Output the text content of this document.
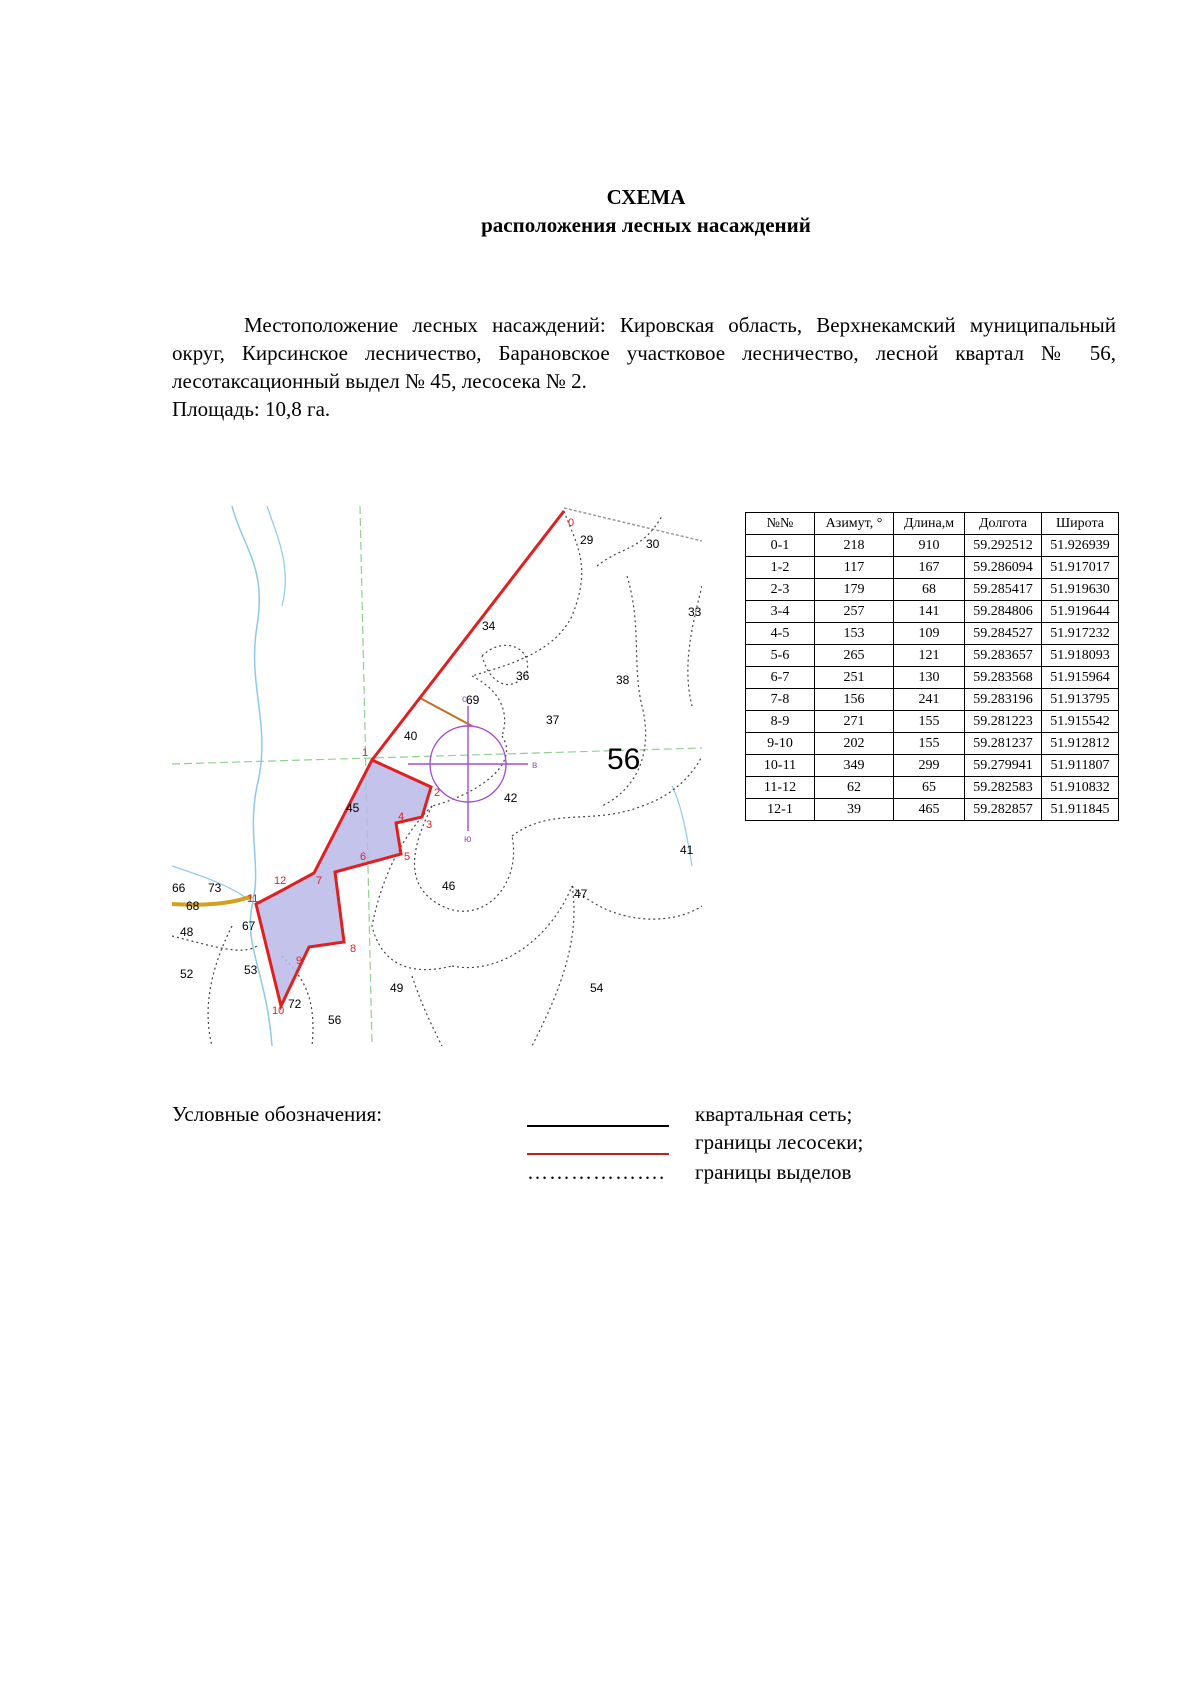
СХЕМА
расположения лесных насаждений
Местоположение лесных насаждений: Кировская область, Верхнекамский муниципальный округ, Кирсинское лесничество, Барановское участковое лесничество, лесной квартал № 56, лесотаксационный выдел № 45, лесосека № 2.
Площадь: 10,8 га.
с
в
ю
56
29	30
33
34
36	38
37
40
69
42
41
45
46
47
54
49
56
52	53
72
48
68
67
66 73
0
1
2
3
4
5
6
7
8
9
10
11
12
№№	Азимут, °	Длина,м	Долгота	Широта
0-1	218	910	59.292512	51.926939
1-2	117	167	59.286094	51.917017
2-3	179	68	59.285417	51.919630
3-4	257	141	59.284806	51.919644
4-5	153	109	59.284527	51.917232
5-6	265	121	59.283657	51.918093
6-7	251	130	59.283568	51.915964
7-8	156	241	59.283196	51.913795
8-9	271	155	59.281223	51.915542
9-10	202	155	59.281237	51.912812
10-11	349	299	59.279941	51.911807
11-12	62	65	59.282583	51.910832
12-1	39	465	59.282857	51.911845
Условные обозначения:	квартальная сеть;
границы лесосеки;
………………. границы выделов
